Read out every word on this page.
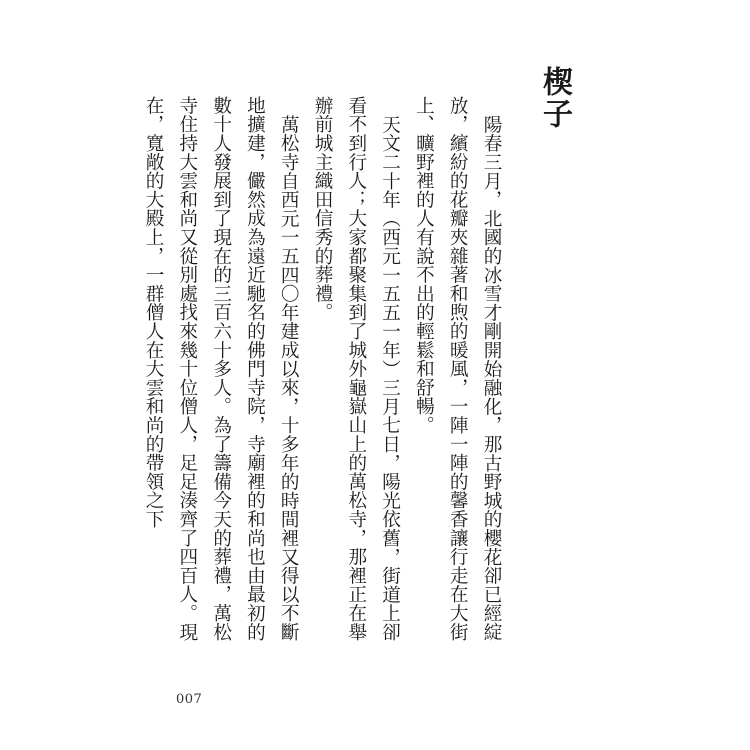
楔子

陽春三月，北國的冰雪才剛開始融化，那古野城的櫻花卻已經綻放，繽紛的花瓣夾雜著和煦的暖風，一陣一陣的馨香讓行走在大街上、曠野裡的人有說不出的輕鬆和舒暢。

天文二十年（西元一五五一年）三月七日，陽光依舊，街道上卻看不到行人；大家都聚集到了城外龜嶽山上的萬松寺，那裡正在舉辦前城主織田信秀的葬禮。

萬松寺自西元一五四〇年建成以來，十多年的時間裡又得以不斷地擴建，儼然成為遠近馳名的佛門寺院，寺廟裡的和尚也由最初的數十人發展到了現在的三百六十多人。為了籌備今天的葬禮，萬松寺住持大雲和尚又從別處找來幾十位僧人，足足湊齊了四百人。現在，寬敞的大殿上，一群僧人在大雲和尚的帶領之下

007
